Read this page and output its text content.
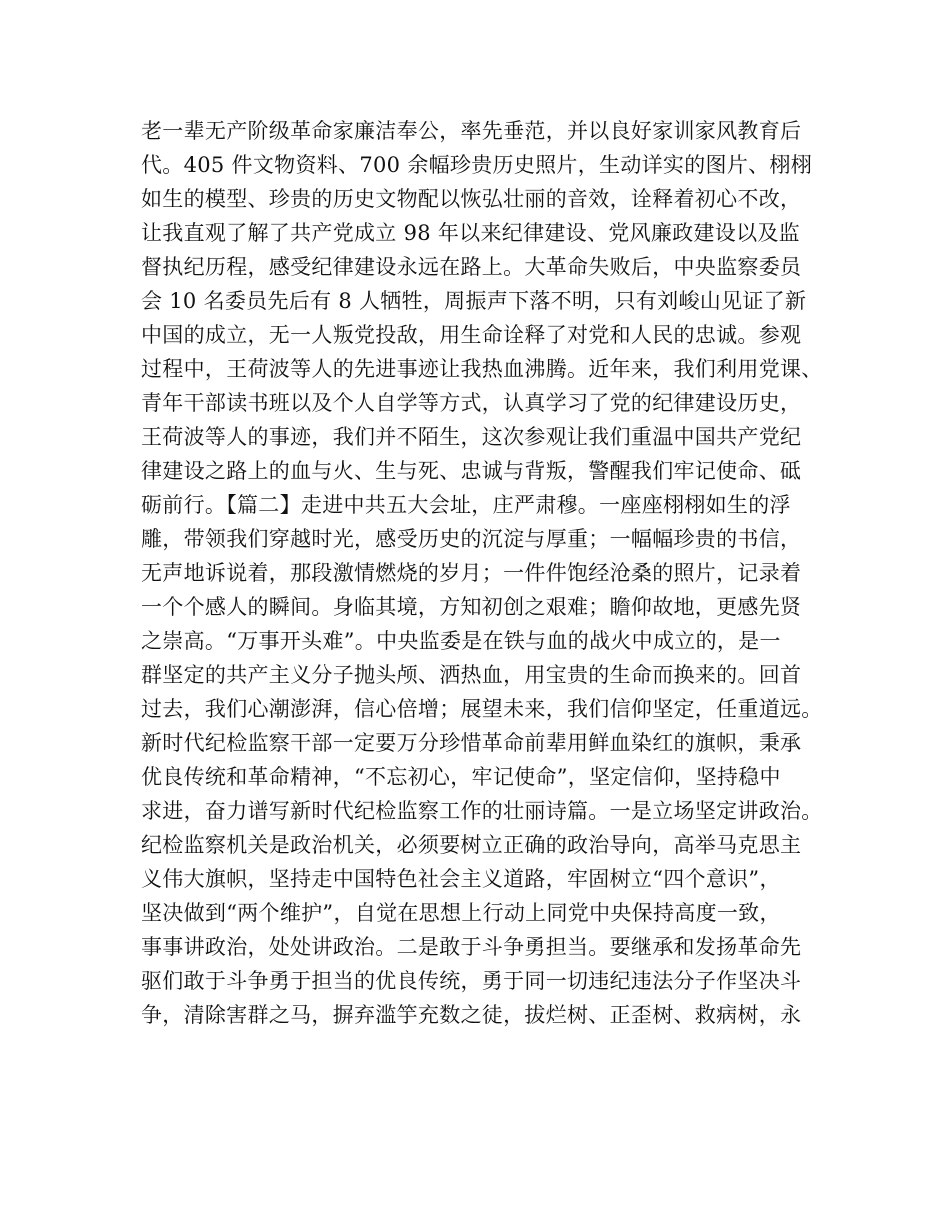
老一辈无产阶级革命家廉洁奉公，率先垂范，并以良好家训家风教育后
代。405 件文物资料、700 余幅珍贵历史照片，生动详实的图片、栩栩
如生的模型、珍贵的历史文物配以恢弘壮丽的音效，诠释着初心不改，
让我直观了解了共产党成立 98 年以来纪律建设、党风廉政建设以及监
督执纪历程，感受纪律建设永远在路上。大革命失败后，中央监察委员
会 10 名委员先后有 8 人牺牲，周振声下落不明，只有刘峻山见证了新
中国的成立，无一人叛党投敌，用生命诠释了对党和人民的忠诚。参观
过程中，王荷波等人的先进事迹让我热血沸腾。近年来，我们利用党课、
青年干部读书班以及个人自学等方式，认真学习了党的纪律建设历史，
王荷波等人的事迹，我们并不陌生，这次参观让我们重温中国共产党纪
律建设之路上的血与火、生与死、忠诚与背叛，警醒我们牢记使命、砥
砺前行。【篇二】走进中共五大会址，庄严肃穆。一座座栩栩如生的浮
雕，带领我们穿越时光，感受历史的沉淀与厚重；一幅幅珍贵的书信，
无声地诉说着，那段激情燃烧的岁月；一件件饱经沧桑的照片，记录着
一个个感人的瞬间。身临其境，方知初创之艰难；瞻仰故地，更感先贤
之崇高。“万事开头难”。中央监委是在铁与血的战火中成立的，是一
群坚定的共产主义分子抛头颅、洒热血，用宝贵的生命而换来的。回首
过去，我们心潮澎湃，信心倍增；展望未来，我们信仰坚定，任重道远。
新时代纪检监察干部一定要万分珍惜革命前辈用鲜血染红的旗帜，秉承
优良传统和革命精神，“不忘初心，牢记使命”，坚定信仰，坚持稳中
求进，奋力谱写新时代纪检监察工作的壮丽诗篇。一是立场坚定讲政治。
纪检监察机关是政治机关，必须要树立正确的政治导向，高举马克思主
义伟大旗帜，坚持走中国特色社会主义道路，牢固树立“四个意识”，
坚决做到“两个维护”，自觉在思想上行动上同党中央保持高度一致，
事事讲政治，处处讲政治。二是敢于斗争勇担当。要继承和发扬革命先
驱们敢于斗争勇于担当的优良传统，勇于同一切违纪违法分子作坚决斗
争，清除害群之马，摒弃滥竽充数之徒，拔烂树、正歪树、救病树，永
